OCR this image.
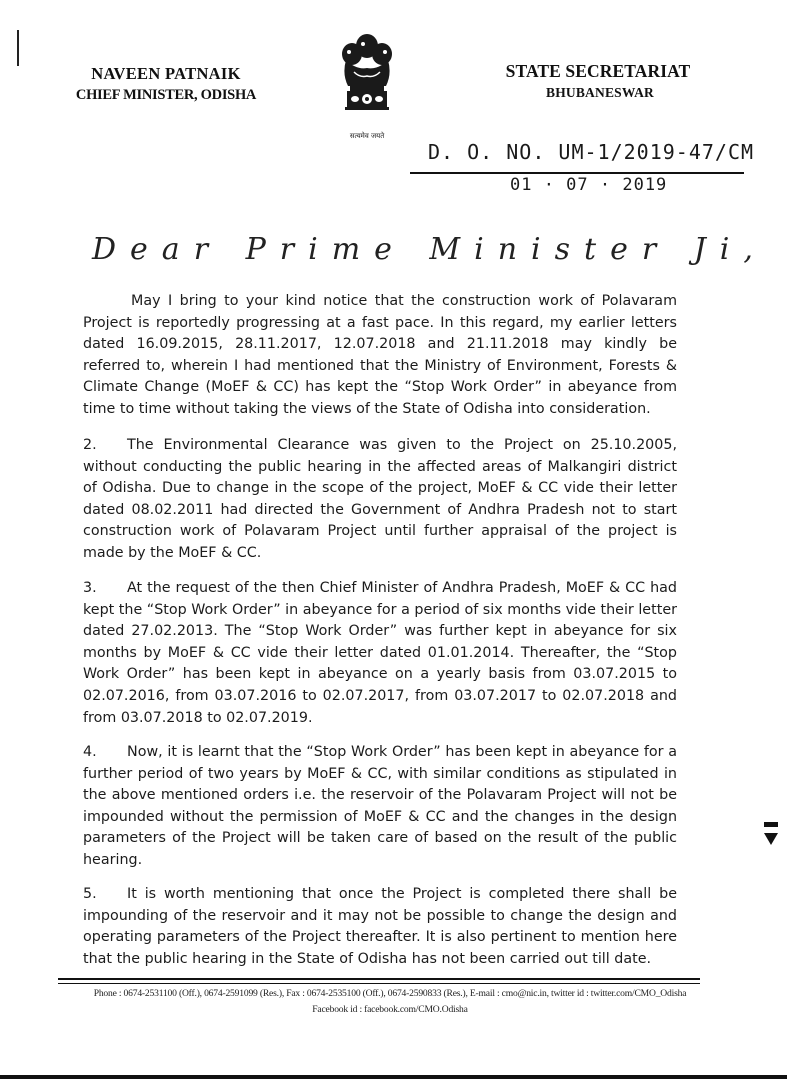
NAVEEN PATNAIK
CHIEF MINISTER, ODISHA
सत्यमेव जयते
STATE SECRETARIAT
BHUBANESWAR
D. O. NO. UM-1/2019-47/CM
01 · 07 · 2019
Dear Prime Minister Ji,
May I bring to your kind notice that the construction work of Polavaram Project is reportedly progressing at a fast pace. In this regard, my earlier letters dated 16.09.2015, 28.11.2017, 12.07.2018 and 21.11.2018 may kindly be referred to, wherein I had mentioned that the Ministry of Environment, Forests & Climate Change (MoEF & CC) has kept the “Stop Work Order” in abeyance from time to time without taking the views of the State of Odisha into consideration.
2. The Environmental Clearance was given to the Project on 25.10.2005, without conducting the public hearing in the affected areas of Malkangiri district of Odisha. Due to change in the scope of the project, MoEF & CC vide their letter dated 08.02.2011 had directed the Government of Andhra Pradesh not to start construction work of Polavaram Project until further appraisal of the project is made by the MoEF & CC.
3. At the request of the then Chief Minister of Andhra Pradesh, MoEF & CC had kept the “Stop Work Order” in abeyance for a period of six months vide their letter dated 27.02.2013. The “Stop Work Order” was further kept in abeyance for six months by MoEF & CC vide their letter dated 01.01.2014. Thereafter, the “Stop Work Order” has been kept in abeyance on a yearly basis from 03.07.2015 to 02.07.2016, from 03.07.2016 to 02.07.2017, from 03.07.2017 to 02.07.2018 and from 03.07.2018 to 02.07.2019.
4. Now, it is learnt that the “Stop Work Order” has been kept in abeyance for a further period of two years by MoEF & CC, with similar conditions as stipulated in the above mentioned orders i.e. the reservoir of the Polavaram Project will not be impounded without the permission of MoEF & CC and the changes in the design parameters of the Project will be taken care of based on the result of the public hearing.
5. It is worth mentioning that once the Project is completed there shall be impounding of the reservoir and it may not be possible to change the design and operating parameters of the Project thereafter. It is also pertinent to mention here that the public hearing in the State of Odisha has not been carried out till date.
Phone : 0674-2531100 (Off.), 0674-2591099 (Res.), Fax : 0674-2535100 (Off.), 0674-2590833 (Res.), E-mail : cmo@nic.in, twitter id : twitter.com/CMO_Odisha
Facebook id : facebook.com/CMO.Odisha
